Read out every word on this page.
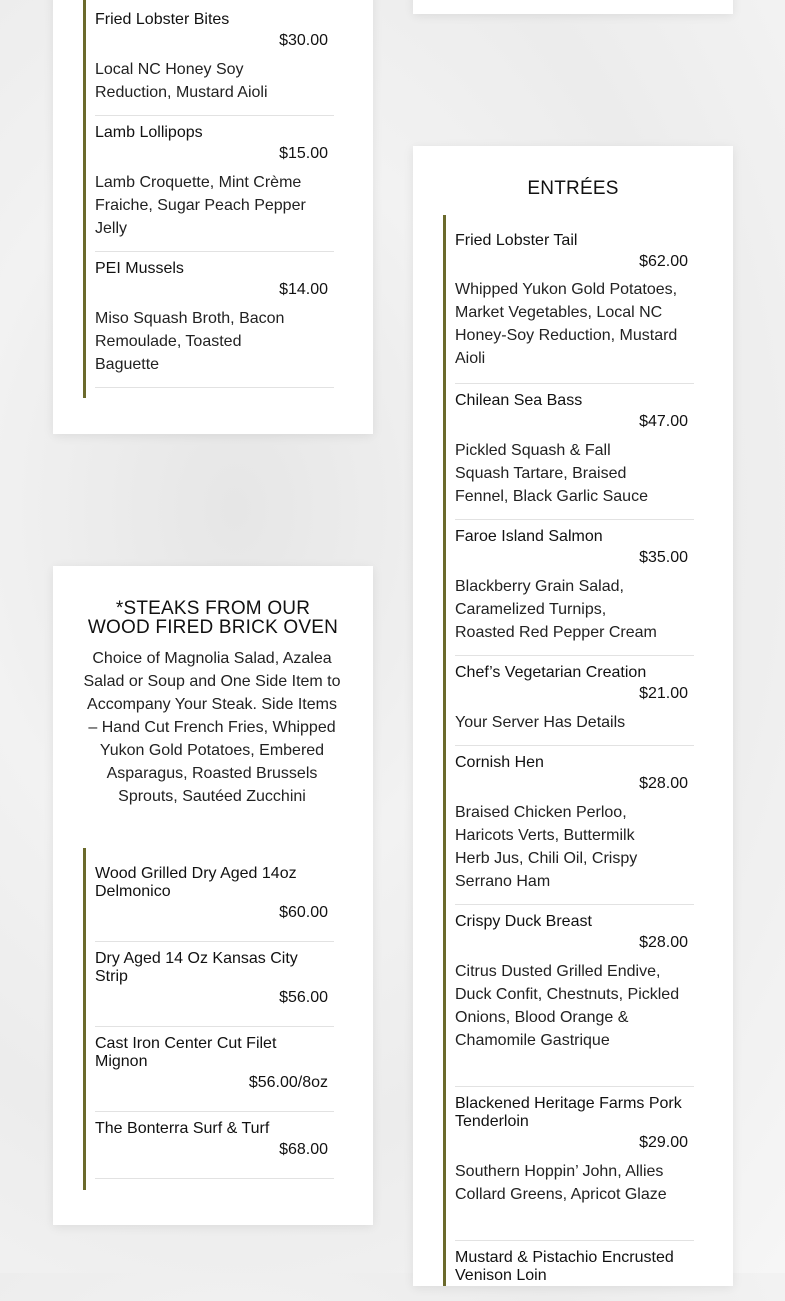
Fried Lobster Bites
$30.00
Local NC Honey Soy Reduction, Mustard Aioli
Lamb Lollipops
$15.00
Lamb Croquette, Mint Crème Fraiche, Sugar Peach Pepper Jelly
PEI Mussels
$14.00
Miso Squash Broth, Bacon Remoulade, Toasted Baguette
*STEAKS FROM OUR
WOOD FIRED BRICK OVEN
Choice of Magnolia Salad, Azalea Salad or Soup and One Side Item to Accompany Your Steak. Side Items – Hand Cut French Fries, Whipped Yukon Gold Potatoes, Embered Asparagus, Roasted Brussels Sprouts, Sautéed Zucchini
Wood Grilled Dry Aged 14oz Delmonico
$60.00
Dry Aged 14 Oz Kansas City Strip
$56.00
Cast Iron Center Cut Filet Mignon
$56.00/8oz
The Bonterra Surf & Turf
$68.00
ENTRÉES
Fried Lobster Tail
$62.00
Whipped Yukon Gold Potatoes, Market Vegetables, Local NC Honey-Soy Reduction, Mustard Aioli
Chilean Sea Bass
$47.00
Pickled Squash & Fall Squash Tartare, Braised Fennel, Black Garlic Sauce
Faroe Island Salmon
$35.00
Blackberry Grain Salad, Caramelized Turnips, Roasted Red Pepper Cream
Chef’s Vegetarian Creation
$21.00
Your Server Has Details
Cornish Hen
$28.00
Braised Chicken Perloo, Haricots Verts, Buttermilk Herb Jus, Chili Oil, Crispy Serrano Ham
Crispy Duck Breast
$28.00
Citrus Dusted Grilled Endive, Duck Confit, Chestnuts, Pickled Onions, Blood Orange & Chamomile Gastrique
Blackened Heritage Farms Pork Tenderloin
$29.00
Southern Hoppin’ John, Allies Collard Greens, Apricot Glaze
Mustard & Pistachio Encrusted Venison Loin
